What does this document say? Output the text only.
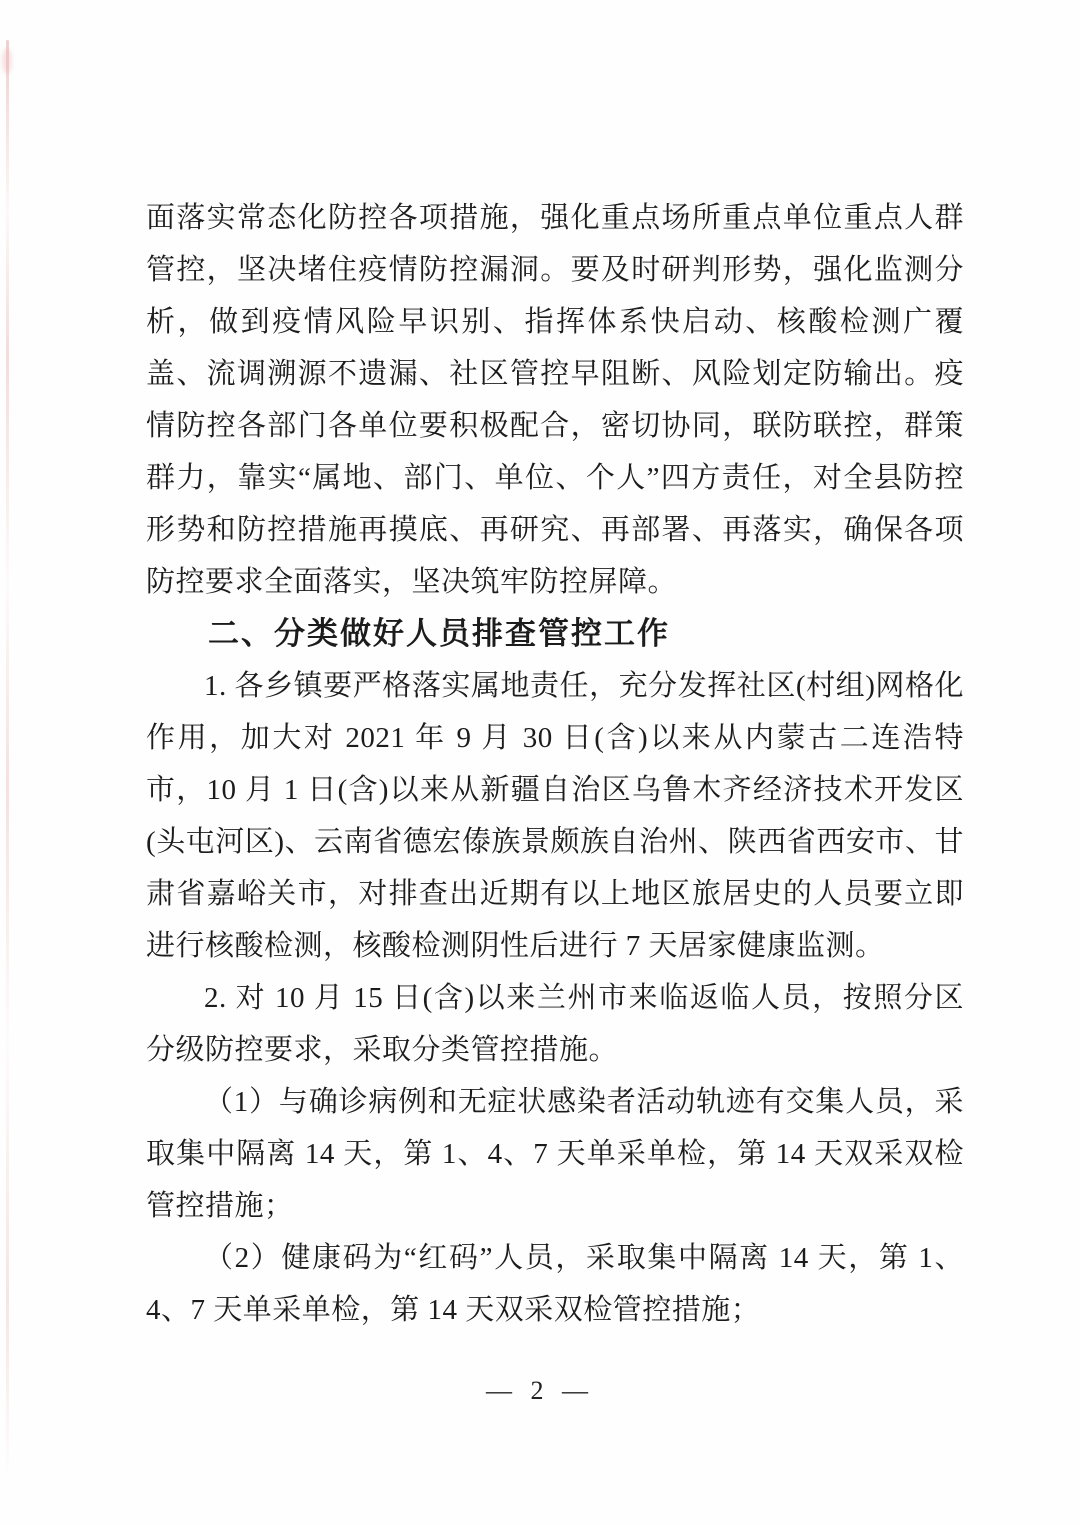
面落实常态化防控各项措施，强化重点场所重点单位重点人群管控，坚决堵住疫情防控漏洞。要及时研判形势，强化监测分析，做到疫情风险早识别、指挥体系快启动、核酸检测广覆盖、流调溯源不遗漏、社区管控早阻断、风险划定防输出。疫情防控各部门各单位要积极配合，密切协同，联防联控，群策群力，靠实“属地、部门、单位、个人”四方责任，对全县防控形势和防控措施再摸底、再研究、再部署、再落实，确保各项防控要求全面落实，坚决筑牢防控屏障。

二、分类做好人员排查管控工作

1. 各乡镇要严格落实属地责任，充分发挥社区(村组)网格化作用，加大对 2021 年 9 月 30 日(含)以来从内蒙古二连浩特市，10 月 1 日(含)以来从新疆自治区乌鲁木齐经济技术开发区(头屯河区)、云南省德宏傣族景颇族自治州、陕西省西安市、甘肃省嘉峪关市，对排查出近期有以上地区旅居史的人员要立即进行核酸检测，核酸检测阴性后进行 7 天居家健康监测。

2. 对 10 月 15 日(含)以来兰州市来临返临人员，按照分区分级防控要求，采取分类管控措施。

（1）与确诊病例和无症状感染者活动轨迹有交集人员，采取集中隔离 14 天，第 1、4、7 天单采单检，第 14 天双采双检管控措施；

（2）健康码为“红码”人员，采取集中隔离 14 天，第 1、4、7 天单采单检，第 14 天双采双检管控措施；

— 2 —
